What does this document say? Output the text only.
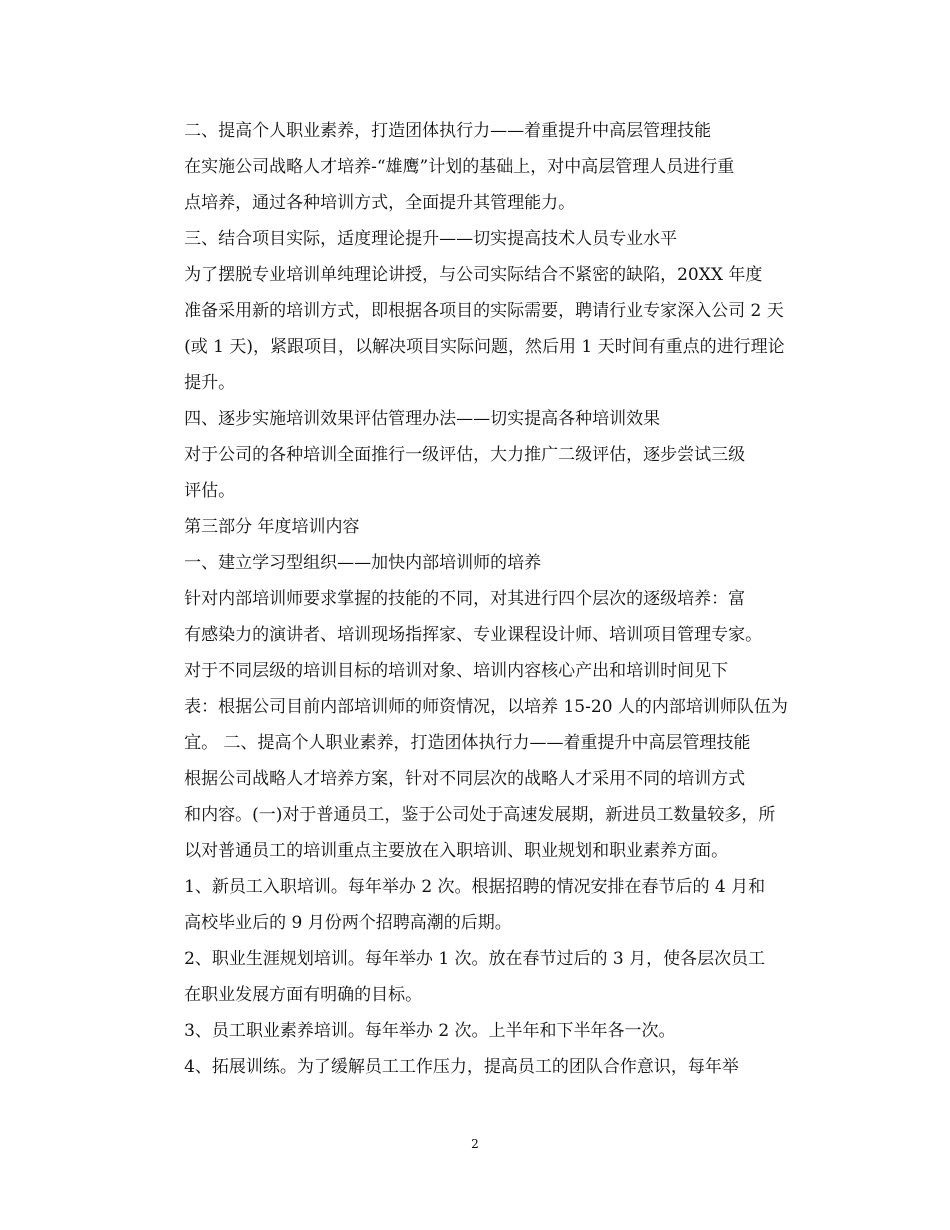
二、提高个人职业素养，打造团体执行力——着重提升中高层管理技能

在实施公司战略人才培养-“雄鹰”计划的基础上，对中高层管理人员进行重
点培养，通过各种培训方式，全面提升其管理能力。

三、结合项目实际，适度理论提升——切实提高技术人员专业水平

为了摆脱专业培训单纯理论讲授，与公司实际结合不紧密的缺陷，20XX 年度
准备采用新的培训方式，即根据各项目的实际需要，聘请行业专家深入公司 2 天
(或 1 天)，紧跟项目，以解决项目实际问题，然后用 1 天时间有重点的进行理论
提升。

四、逐步实施培训效果评估管理办法——切实提高各种培训效果

对于公司的各种培训全面推行一级评估，大力推广二级评估，逐步尝试三级
评估。

第三部分 年度培训内容

一、建立学习型组织——加快内部培训师的培养

针对内部培训师要求掌握的技能的不同，对其进行四个层次的逐级培养：富
有感染力的演讲者、培训现场指挥家、专业课程设计师、培训项目管理专家。

对于不同层级的培训目标的培训对象、培训内容核心产出和培训时间见下
表：根据公司目前内部培训师的师资情况，以培养 15-20 人的内部培训师队伍为
宜。 二、提高个人职业素养，打造团体执行力——着重提升中高层管理技能

根据公司战略人才培养方案，针对不同层次的战略人才采用不同的培训方式
和内容。(一)对于普通员工，鉴于公司处于高速发展期，新进员工数量较多，所
以对普通员工的培训重点主要放在入职培训、职业规划和职业素养方面。

1、新员工入职培训。每年举办 2 次。根据招聘的情况安排在春节后的 4 月和
高校毕业后的 9 月份两个招聘高潮的后期。

2、职业生涯规划培训。每年举办 1 次。放在春节过后的 3 月，使各层次员工
在职业发展方面有明确的目标。

3、员工职业素养培训。每年举办 2 次。上半年和下半年各一次。

4、拓展训练。为了缓解员工工作压力，提高员工的团队合作意识，每年举

2
